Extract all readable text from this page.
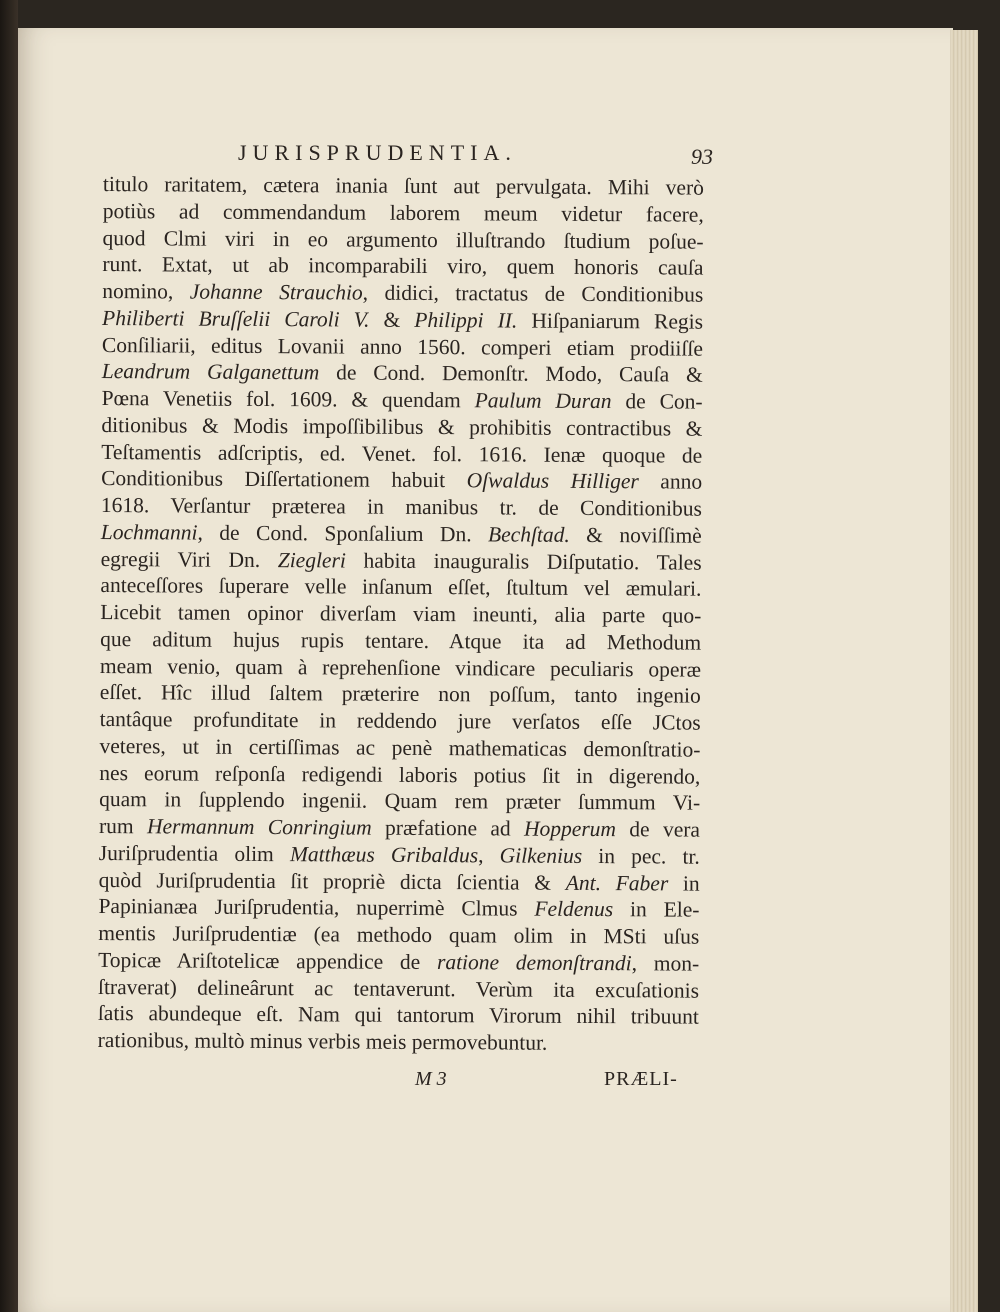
JURISPRUDENTIA.	93
titulo raritatem, cætera inania ſunt aut pervulgata. Mihi verò
potiùs ad commendandum laborem meum videtur facere,
quod Clmi viri in eo argumento illuſtrando ſtudium poſue-
runt. Extat, ut ab incomparabili viro, quem honoris cauſa
nomino, Johanne Strauchio, didici, tractatus de Conditionibus
Philiberti Bruſſelii Caroli V. & Philippi II. Hiſpaniarum Regis
Conſiliarii, editus Lovanii anno 1560. comperi etiam prodiiſſe
Leandrum Galganettum de Cond. Demonſtr. Modo, Cauſa &
Pœna Venetiis fol. 1609. & quendam Paulum Duran de Con-
ditionibus & Modis impoſſibilibus & prohibitis contractibus &
Teſtamentis adſcriptis, ed. Venet. fol. 1616. Ienæ quoque de
Conditionibus Diſſertationem habuit Oſwaldus Hilliger anno
1618. Verſantur præterea in manibus tr. de Conditionibus
Lochmanni, de Cond. Sponſalium Dn. Bechſtad. & noviſſimè
egregii Viri Dn. Ziegleri habita inauguralis Diſputatio. Tales
anteceſſores ſuperare velle inſanum eſſet, ſtultum vel æmulari.
Licebit tamen opinor diverſam viam ineunti, alia parte quo-
que aditum hujus rupis tentare. Atque ita ad Methodum
meam venio, quam à reprehenſione vindicare peculiaris operæ
eſſet. Hîc illud ſaltem præterire non poſſum, tanto ingenio
tantâque profunditate in reddendo jure verſatos eſſe JCtos
veteres, ut in certiſſimas ac penè mathematicas demonſtratio-
nes eorum reſponſa redigendi laboris potius ſit in digerendo,
quam in ſupplendo ingenii. Quam rem præter ſummum Vi-
rum Hermannum Conringium præfatione ad Hopperum de vera
Juriſprudentia olim Matthæus Gribaldus, Gilkenius in pec. tr.
quòd Juriſprudentia ſit propriè dicta ſcientia & Ant. Faber in
Papinianæa Juriſprudentia, nuperrimè Clmus Feldenus in Ele-
mentis Juriſprudentiæ (ea methodo quam olim in MSti uſus
Topicæ Ariſtotelicæ appendice de ratione demonſtrandi, mon-
ſtraverat) delineârunt ac tentaverunt. Verùm ita excuſationis
ſatis abundeque eſt. Nam qui tantorum Virorum nihil tribuunt
rationibus, multò minus verbis meis permovebuntur.
M 3	PRÆLI-
